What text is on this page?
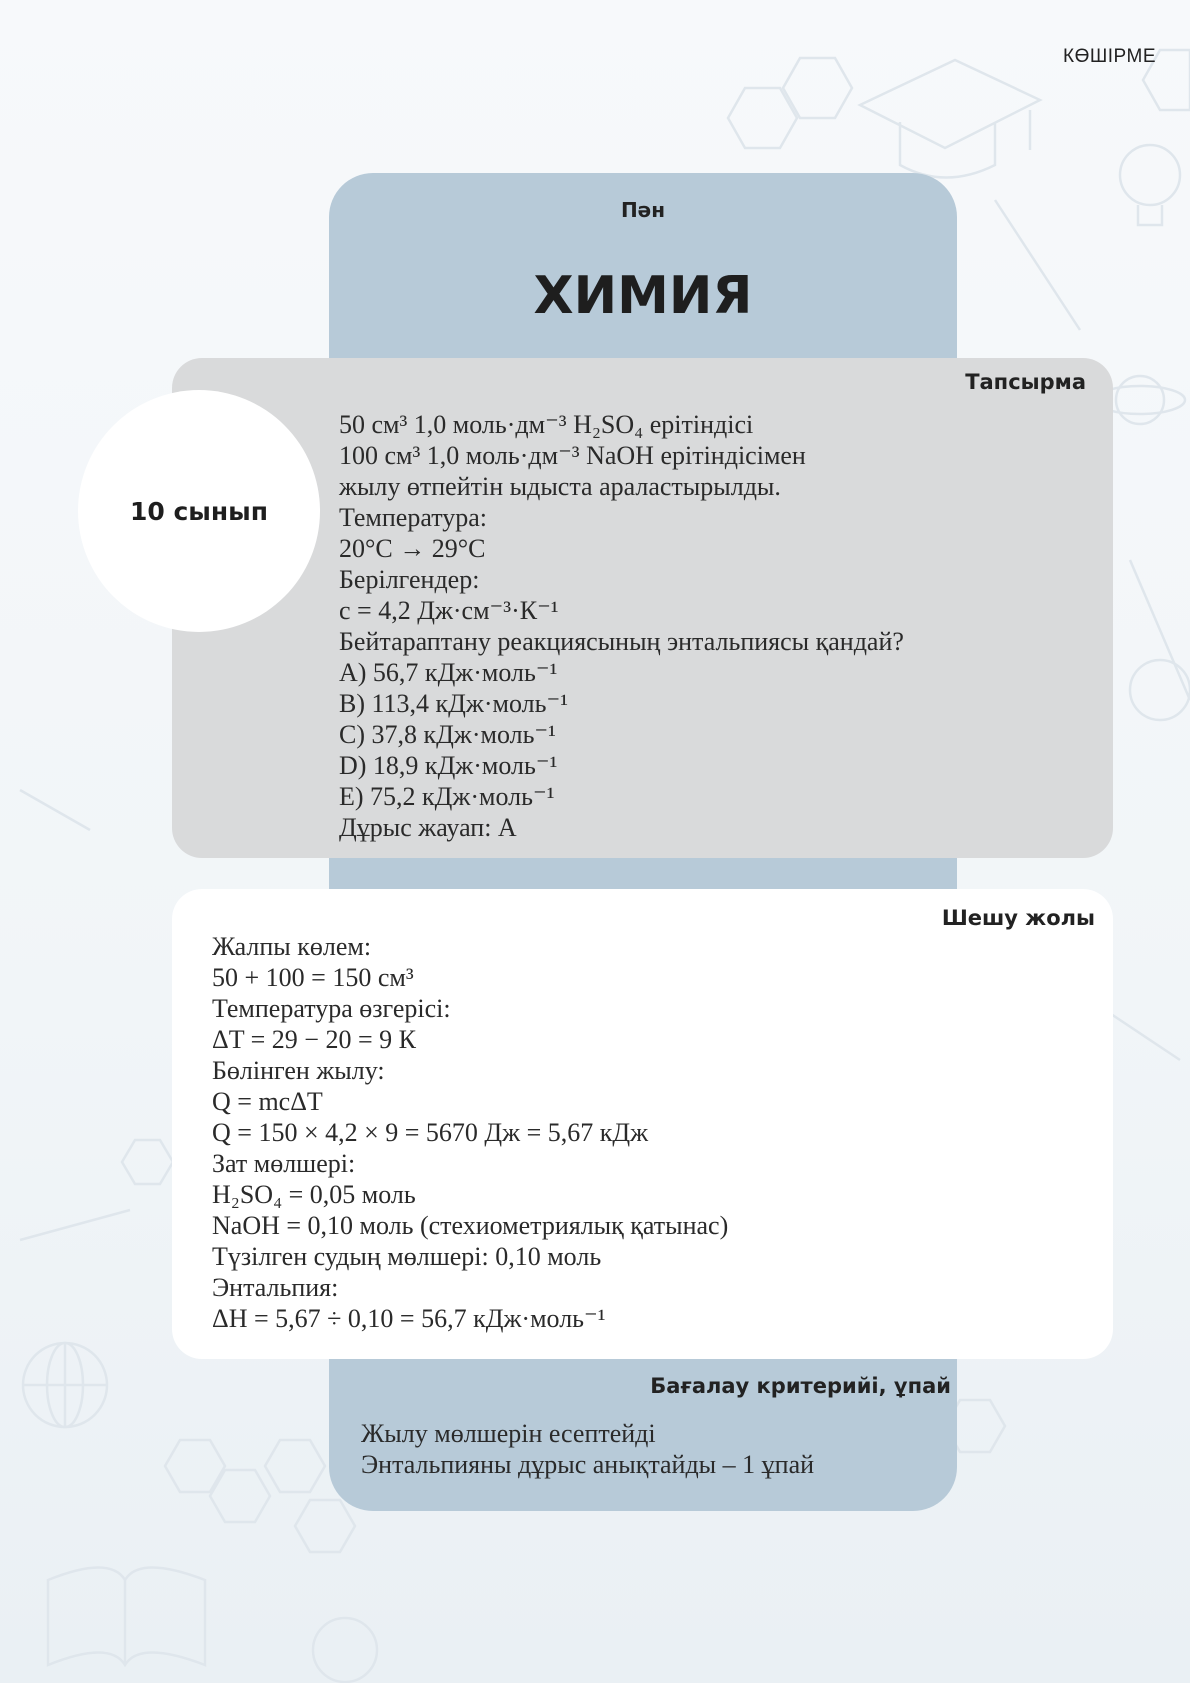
КӨШІРМЕ
Пән
ХИМИЯ
Тапсырма
10 сынып
50 см³ 1,0 моль·дм⁻³ H₂SO₄ ерітіндісі
100 см³ 1,0 моль·дм⁻³ NaOH ерітіндісімен
жылу өтпейтін ыдыста араластырылды.
Температура:
20°C → 29°C
Берілгендер:
c = 4,2 Дж·см⁻³·К⁻¹
Бейтараптану реакциясының энтальпиясы қандай?
A) 56,7 кДж·моль⁻¹
B) 113,4 кДж·моль⁻¹
C) 37,8 кДж·моль⁻¹
D) 18,9 кДж·моль⁻¹
E) 75,2 кДж·моль⁻¹
Дұрыс жауап: A
Шешу жолы
Жалпы көлем:
50 + 100 = 150 см³
Температура өзгерісі:
ΔT = 29 − 20 = 9 К
Бөлінген жылу:
Q = mcΔT
Q = 150 × 4,2 × 9 = 5670 Дж = 5,67 кДж
Зат мөлшері:
H₂SO₄ = 0,05 моль
NaOH = 0,10 моль (стехиометриялық қатынас)
Түзілген судың мөлшері: 0,10 моль
Энтальпия:
ΔH = 5,67 ÷ 0,10 = 56,7 кДж·моль⁻¹
Бағалау критерийі, ұпай
Жылу мөлшерін есептейді
Энтальпияны дұрыс анықтайды – 1 ұпай
